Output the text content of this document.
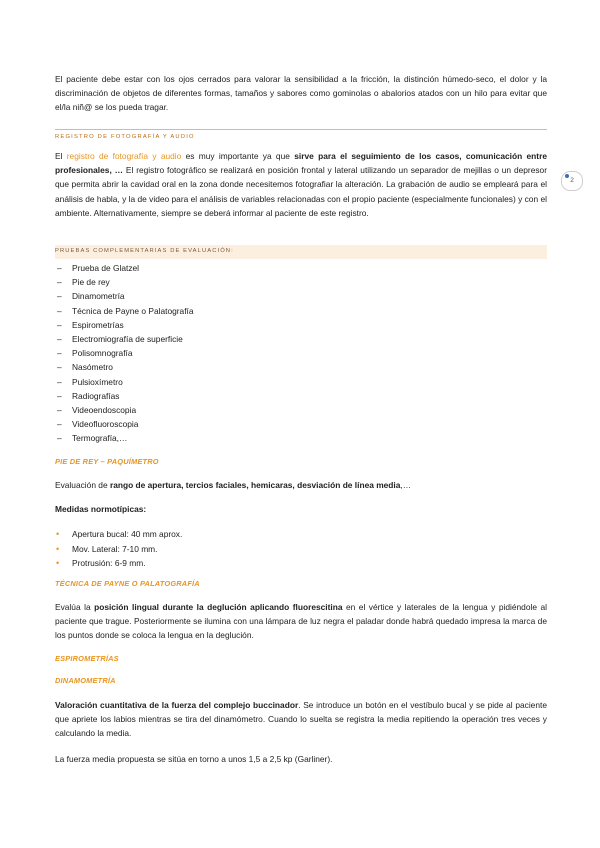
El paciente debe estar con los ojos cerrados para valorar la sensibilidad a la fricción, la distinción húmedo-seco, el dolor y la discriminación de objetos de diferentes formas, tamaños y sabores como gominolas o abalorios atados con un hilo para evitar que el/la niñ@ se los pueda tragar.

REGISTRO DE FOTOGRAFÍA Y AUDIO

El registro de fotografía y audio es muy importante ya que sirve para el seguimiento de los casos, comunicación entre profesionales, … El registro fotográfico se realizará en posición frontal y lateral utilizando un separador de mejillas o un depresor que permita abrir la cavidad oral en la zona donde necesitemos fotografiar la alteración. La grabación de audio se empleará para el análisis de habla, y la de video para el análisis de variables relacionadas con el propio paciente (especialmente funcionales) y con el ambiente. Alternativamente, siempre se deberá informar al paciente de este registro.

2
PRUEBAS COMPLEMENTARIAS DE EVALUACIÓN:
– Prueba de Glatzel
– Pie de rey
– Dinamometría
– Técnica de Payne o Palatografía
– Espirometrías
– Electromiografía de superficie
– Polisomnografía
– Nasómetro
– Pulsioxímetro
– Radiografías
– Videoendoscopia
– Videofluoroscopia
– Termografía,…
PIE DE REY – PAQUÍMETRO

Evaluación de rango de apertura, tercios faciales, hemicaras, desviación de línea media,…

Medidas normotípicas:

• Apertura bucal: 40 mm aprox.
• Mov. Lateral: 7-10 mm.
• Protrusión: 6-9 mm.
TÉCNICA DE PAYNE O PALATOGRAFÍA

Evalúa la posición lingual durante la deglución aplicando fluorescitina en el vértice y laterales de la lengua y pidiéndole al paciente que trague. Posteriormente se ilumina con una lámpara de luz negra el paladar donde habrá quedado impresa la marca de los puntos donde se coloca la lengua en la deglución.

ESPIROMETRÍAS
DINAMOMETRÍA

Valoración cuantitativa de la fuerza del complejo buccinador. Se introduce un botón en el vestíbulo bucal y se pide al paciente que apriete los labios mientras se tira del dinamómetro. Cuando lo suelta se registra la media repitiendo la operación tres veces y calculando la media.

La fuerza media propuesta se sitúa en torno a unos 1,5 a 2,5 kp (Garliner).
